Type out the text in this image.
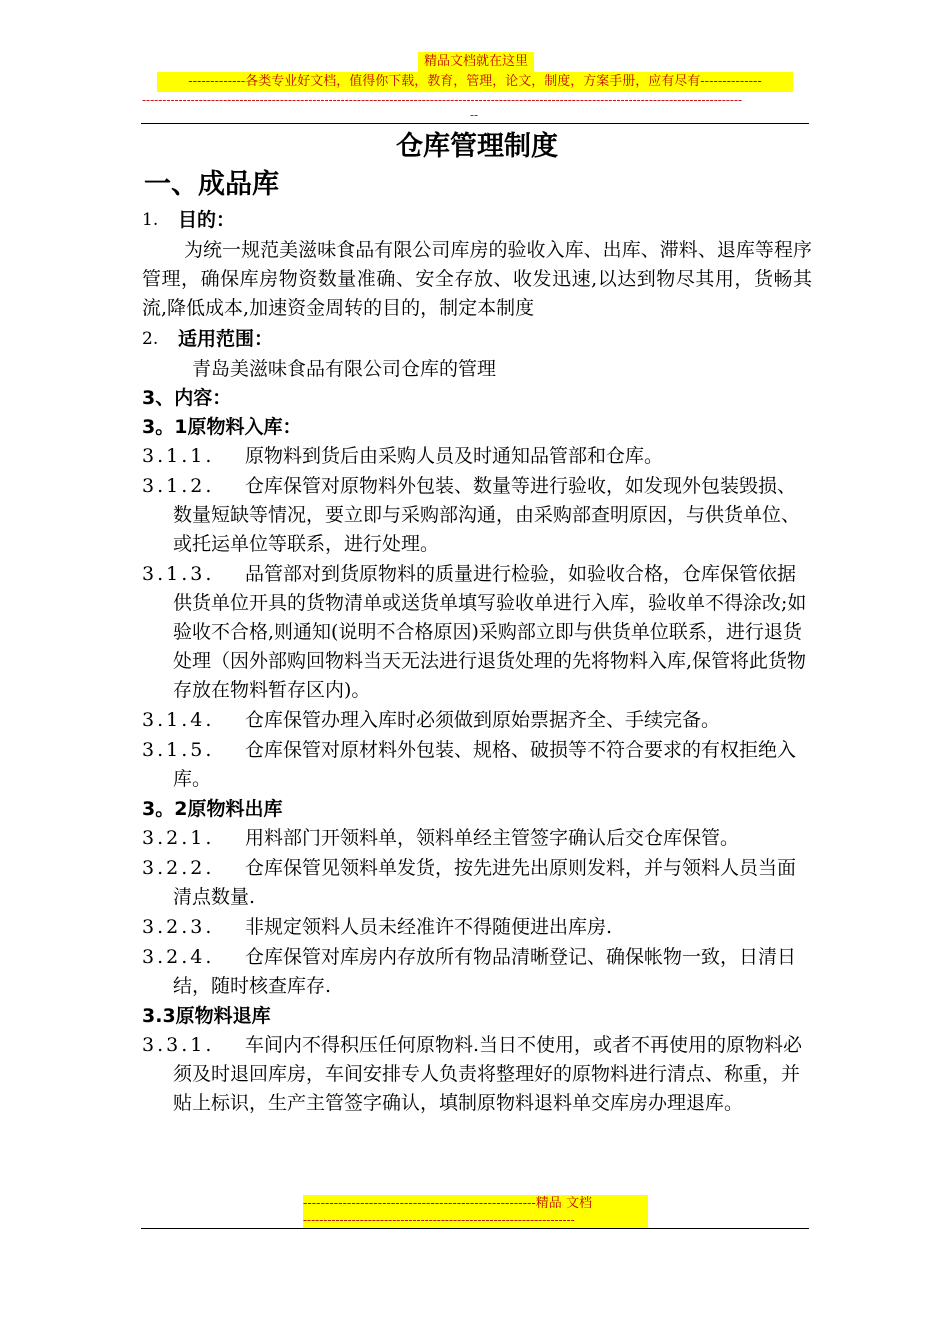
精品文档就在这里
-------------各类专业好文档，值得你下载，教育，管理，论文，制度，方案手册，应有尽有--------------
----------------------------------------------------------------------------------------------------------------------------------------------------
--
仓库管理制度
一、成品库
1.	目的：

为统一规范美滋味食品有限公司库房的验收入库、出库、滞料、退库等程序管理，确保库房物资数量准确、安全存放、收发迅速,以达到物尽其用，货畅其流,降低成本,加速资金周转的目的，制定本制度

2.	适用范围：

青岛美滋味食品有限公司仓库的管理

3、内容：
3。1原物料入库：
3.1.1.	原物料到货后由采购人员及时通知品管部和仓库。
3.1.2.	仓库保管对原物料外包装、数量等进行验收，如发现外包装毁损、数量短缺等情况，要立即与采购部沟通，由采购部查明原因，与供货单位、或托运单位等联系，进行处理。
3.1.3.	品管部对到货原物料的质量进行检验，如验收合格，仓库保管依据供货单位开具的货物清单或送货单填写验收单进行入库，验收单不得涂改;如验收不合格,则通知(说明不合格原因)采购部立即与供货单位联系，进行退货处理（因外部购回物料当天无法进行退货处理的先将物料入库,保管将此货物存放在物料暂存区内)。
3.1.4.	仓库保管办理入库时必须做到原始票据齐全、手续完备。
3.1.5.	仓库保管对原材料外包装、规格、破损等不符合要求的有权拒绝入库。
3。2原物料出库
3.2.1.	用料部门开领料单，领料单经主管签字确认后交仓库保管。
3.2.2.	仓库保管见领料单发货，按先进先出原则发料，并与领料人员当面清点数量.
3.2.3.	非规定领料人员未经准许不得随便进出库房.
3.2.4.	仓库保管对库房内存放所有物品清晰登记、确保帐物一致，日清日结，随时核查库存.
3.3原物料退库
3.3.1.	车间内不得积压任何原物料.当日不使用，或者不再使用的原物料必须及时退回库房，车间安排专人负责将整理好的原物料进行清点、称重，并贴上标识，生产主管签字确认，填制原物料退料单交库房办理退库。
-----------------------------------------------------精品 文档
-------------------------------------------------------------------
